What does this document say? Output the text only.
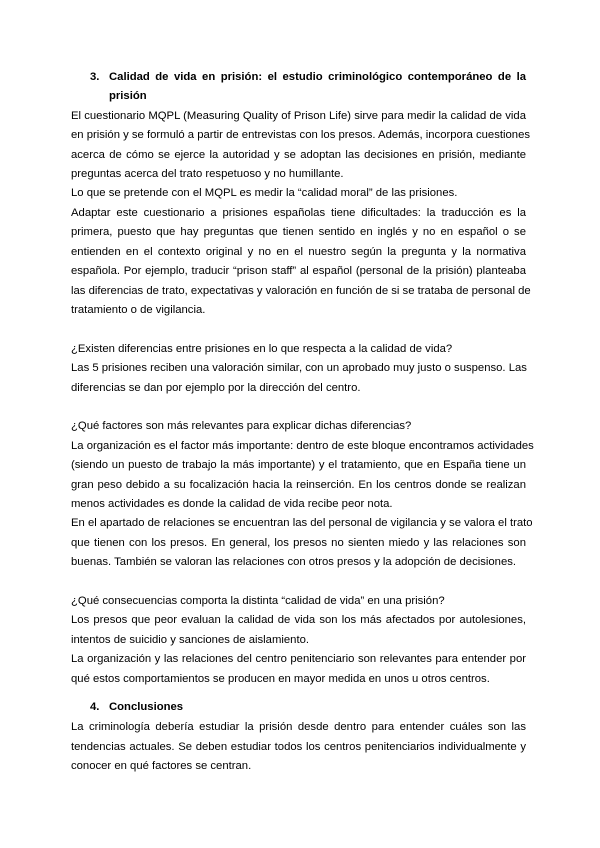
3. Calidad de vida en prisión: el estudio criminológico contemporáneo de la
prisión
El cuestionario MQPL (Measuring Quality of Prison Life) sirve para medir la calidad de vida
en prisión y se formuló a partir de entrevistas con los presos. Además, incorpora cuestiones
acerca de cómo se ejerce la autoridad y se adoptan las decisiones en prisión, mediante
preguntas acerca del trato respetuoso y no humillante.
Lo que se pretende con el MQPL es medir la “calidad moral” de las prisiones.
Adaptar este cuestionario a prisiones españolas tiene dificultades: la traducción es la
primera, puesto que hay preguntas que tienen sentido en inglés y no en español o se
entienden en el contexto original y no en el nuestro según la pregunta y la normativa
española. Por ejemplo, traducir “prison staff” al español (personal de la prisión) planteaba
las diferencias de trato, expectativas y valoración en función de si se trataba de personal de
tratamiento o de vigilancia.
¿Existen diferencias entre prisiones en lo que respecta a la calidad de vida?
Las 5 prisiones reciben una valoración similar, con un aprobado muy justo o suspenso. Las
diferencias se dan por ejemplo por la dirección del centro.
¿Qué factores son más relevantes para explicar dichas diferencias?
La organización es el factor más importante: dentro de este bloque encontramos actividades
(siendo un puesto de trabajo la más importante) y el tratamiento, que en España tiene un
gran peso debido a su focalización hacia la reinserción. En los centros donde se realizan
menos actividades es donde la calidad de vida recibe peor nota.
En el apartado de relaciones se encuentran las del personal de vigilancia y se valora el trato
que tienen con los presos. En general, los presos no sienten miedo y las relaciones son
buenas. También se valoran las relaciones con otros presos y la adopción de decisiones.
¿Qué consecuencias comporta la distinta “calidad de vida” en una prisión?
Los presos que peor evaluan la calidad de vida son los más afectados por autolesiones,
intentos de suicidio y sanciones de aislamiento.
La organización y las relaciones del centro penitenciario son relevantes para entender por
qué estos comportamientos se producen en mayor medida en unos u otros centros.
4. Conclusiones
La criminología debería estudiar la prisión desde dentro para entender cuáles son las
tendencias actuales. Se deben estudiar todos los centros penitenciarios individualmente y
conocer en qué factores se centran.
